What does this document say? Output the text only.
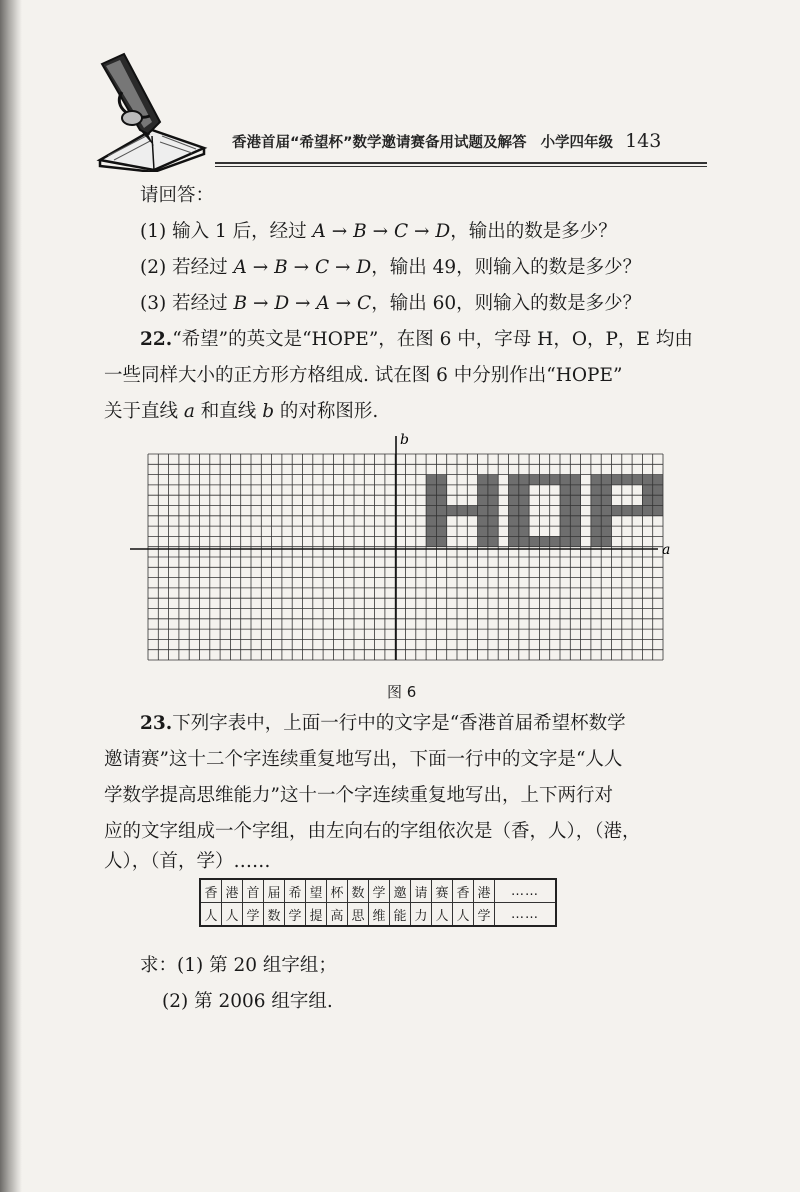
香港首届“希望杯”数学邀请赛备用试题及解答 小学四年级 143
请回答：
(1) 输入 1 后，经过 A → B → C → D，输出的数是多少？
(2) 若经过 A → B → C → D，输出 49，则输入的数是多少？
(3) 若经过 B → D → A → C，输出 60，则输入的数是多少？
22.“希望”的英文是“HOPE”，在图 6 中，字母 H，O，P，E 均由
一些同样大小的正方形方格组成. 试在图 6 中分别作出“HOPE”
关于直线 a 和直线 b 的对称图形.
a
b
图 6
23.下列字表中，上面一行中的文字是“香港首届希望杯数学
邀请赛”这十二个字连续重复地写出，下面一行中的文字是“人人
学数学提高思维能力”这十一个字连续重复地写出，上下两行对
应的文字组成一个字组，由左向右的字组依次是（香，人），（港，
人），（首，学）……
香	港	首	届	希	望	杯	数	学	邀	请	赛	香	港	……
人	人	学	数	学	提	高	思	维	能	力	人	人	学	……
求：(1) 第 20 组字组；
(2) 第 2006 组字组.
